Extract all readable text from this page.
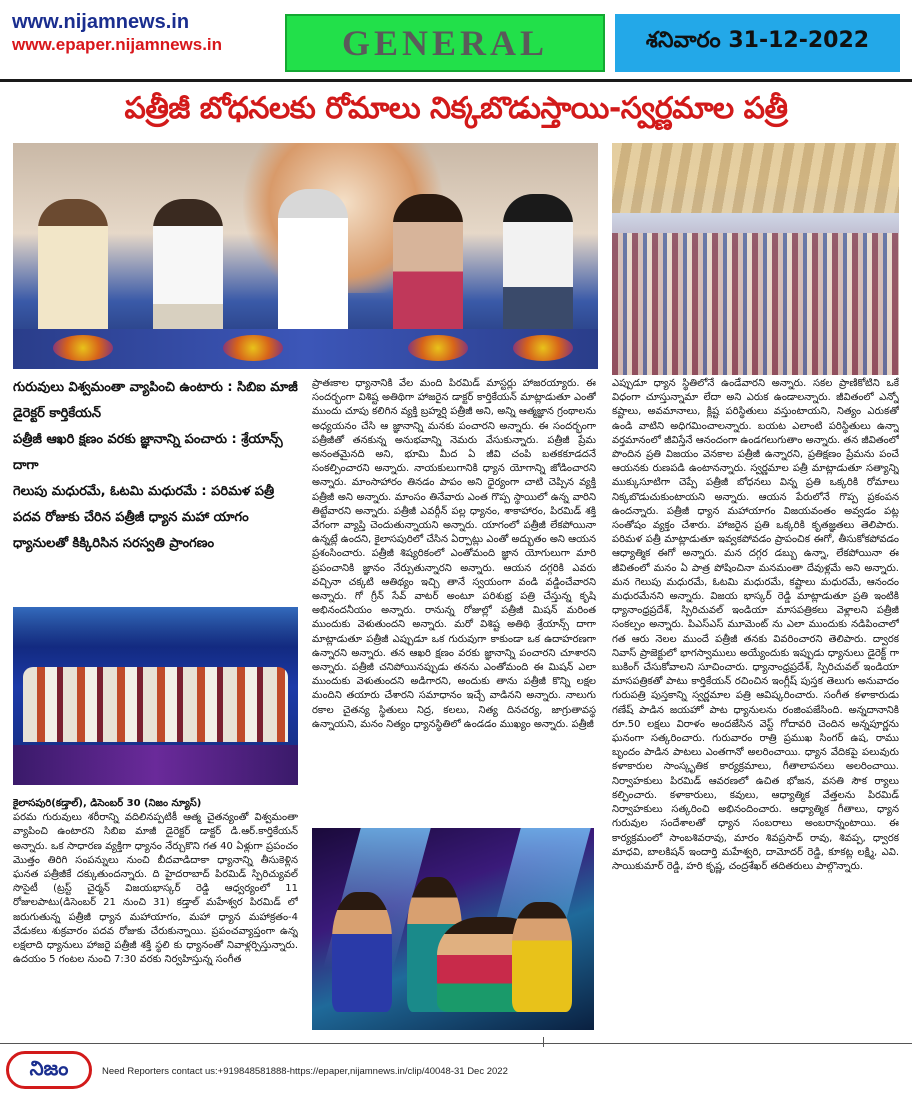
www.nijamnews.in
www.epaper.nijamnews.in	GENERAL	శనివారం 31-12-2022
పత్రీజీ బోధనలకు రోమాలు నిక్కబొడుస్తాయి-స్వర్ణమాల పత్రీ
గురువులు విశ్వమంతా వ్యాపించి ఉంటారు : సిబిఐ మాజీ డైరెక్టర్ కార్తికేయన్
పత్రీజీ ఆఖరి క్షణం వరకు జ్ఞానాన్ని పంచారు : శ్రేయాన్స్ దాగా
గెలుపు మధురమే, ఓటమి మధురమే : పరిమళ పత్రీ
పదవ రోజుకు చేరిన పత్రీజీ ధ్యాన మహా యాగం
ధ్యానులతో కిక్కిరిసిన సరస్వతి ప్రాంగణం
కైలాసపురి(కడ్తాల్), డిసెంబర్ 30 (నిజం న్యూస్)
పరమ గురువులు శరీరాన్ని వదిలినప్పటికీ ఆత్మ చైతన్యంతో విశ్వమంతా వ్యాపించి ఉంటారని సిబిఐ మాజీ డైరెక్టర్ డాక్టర్ డి.ఆర్.కార్తికేయన్ అన్నారు. ఒక సాధారణ వ్యక్తిగా ధ్యానం నేర్చుకొని గత 40 ఏళ్లుగా ప్రపంచం మొత్తం తిరిగి సంపన్నులు నుంచి బీదవాడిదాకా ధ్యానాన్ని తీసుకెళ్లిన ఘనత పత్రీజీకే దక్కుతుందన్నారు. ది హైదరాబాద్ పిరమిడ్ స్పిరిచ్యువల్ సొసైటీ (ట్రస్ట్ చైర్మన్ విజయభాస్కర్ రెడ్డి ఆధ్వర్యంలో 11 రోజులపాటు(డిసెంబర్ 21 నుంచి 31) కడ్తాల్ మహేశ్వర పిరమిడ్ లో జరుగుతున్న పత్రీజీ ధ్యాన మహాయాగం, మహా ధ్యాన మహాక్రతం-4 వేడుకలు శుక్రవారం పదవ రోజుకు చేరుకున్నాయి. ప్రపంచవ్యాప్తంగా ఉన్న లక్షలాది ధ్యానులు హాజరై పత్రీజీ శక్తి స్థలి కు ధ్యానంతో నివాళ్లర్పిస్తున్నారు. ఉదయం 5 గంటల నుంచి 7:30 వరకు నిర్వహిస్తున్న సంగీత
ప్రాతఃకాల ధ్యానానికి వేల మంది పిరమిడ్ మాస్టర్లు హాజరయ్యారు. ఈ సందర్భంగా విశిష్ట అతిథిగా హాజరైన డాక్టర్ కార్తికేయన్ మాట్లాడుతూ ఎంతో ముందు చూపు కలిగిన వ్యక్తి బ్రహ్మర్షి పత్రీజీ అని, అన్ని ఆత్మజ్ఞాన గ్రంథాలను అధ్యయనం చేసి ఆ జ్ఞానాన్ని మనకు పంచారని అన్నారు. ఈ సందర్భంగా పత్రీజీతో తనకున్న అనుభవాన్ని నెమరు వేసుకున్నారు. పత్రీజీ ప్రేమ అనంతమైనది అని, భూమి మీద ఏ జీవి చంపి బతకకూడదనే సంకల్పించారని అన్నారు. నాయకులుగానికి ధ్యాన యోగాన్ని జోడించారని అన్నారు. మాంసాహారం తినడం పాపం అని ధైర్యంగా చాటి చెప్పిన వ్యక్తి పత్రీజీ అని అన్నారు. మాంసం తినేవారు ఎంత గొప్ప స్థాయిలో ఉన్న వారిని తిట్టేవారని అన్నారు. పత్రీజీ ఎవర్గీన్ పల్ల ధ్యానం, శాకాహారం, పిరమిడ్ శక్తి వేగంగా వ్యాప్తి చెందుతున్నాయని అన్నారు. యాగంలో పత్రీజీ లేకపోయినా ఉన్నట్లే ఉందని, కైలాసపురిలో చేసిన ఏర్పాట్లు ఎంతో అద్భుతం అని ఆయన ప్రశంసించారు. పత్రీజీ శిష్యరికంలో ఎంతోమంది జ్ఞాన యోగులుగా మారి ప్రపంచానికి జ్ఞానం నేర్పుతున్నారని అన్నారు. ఆయన దగ్గరికి ఎవరు వచ్చినా చక్కటి ఆతిథ్యం ఇచ్చి తానే స్వయంగా వండి వడ్డించేవారని అన్నారు. గో గ్రీన్ సేవ్ వాటర్ అంటూ పరిశుభ్ర పత్రి చేస్తున్న కృషి అభినందనీయం అన్నారు. రానున్న రోజుల్లో పత్రీజీ మిషన్ మరింత ముందుకు వెళుతుందని అన్నారు. మరో విశిష్ట అతిథి శ్రేయాన్స్ దాగా మాట్లాడుతూ పత్రీజీ ఎప్పుడూ ఒక గురువుగా కాకుండా ఒక ఉదాహరణగా ఉన్నారని అన్నారు. తన ఆఖరి క్షణం వరకు జ్ఞానాన్ని పంచారని చూశారని అన్నారు. పత్రీజీ చనిపోయినప్పుడు తనను ఎంతోమంది ఈ మిషన్ ఎలా ముందుకు వెళుతుందని అడిగారని, అందుకు తాను పత్రీజీ కొన్ని లక్షల మందిని తయారు చేశారని సమాధానం ఇచ్చే వాడినని అన్నారు. నాలుగు రకాల చైతన్య స్థితులు నిద్ర, కలలు, నిత్య దినచర్య, జాగ్రుతావస్థ ఉన్నాయని, మనం నిత్యం ధ్యానస్థితిలో ఉండడం ముఖ్యం అన్నారు. పత్రీజీ
ఎప్పుడూ ధ్యాన స్థితిలోనే ఉండేవారని అన్నారు. సకల ప్రాణికోటిని ఒకే విధంగా చూస్తున్నామా లేదా అని ఎరుక ఉండాలన్నారు. జీవితంలో ఎన్నో కష్టాలు, అవమానాలు, క్లిష్ట పరిస్థితులు వస్తుంటాయని, నిత్యం ఎరుకతో ఉండి వాటిని అధిగమించాలన్నారు. బయట ఎలాంటి పరిస్థితులు ఉన్నా వర్తమానంలో జీవిస్తేనే ఆనందంగా ఉండగలుగుతాం అన్నారు. తన జీవితంలో పొందిన ప్రతి విజయం వెనకాల పత్రీజీ ఉన్నారని, ప్రతిక్షణం ప్రేమను పంచే ఆయనకు రుణపడి ఉంటానన్నారు. స్వర్ణమాల పత్రీ మాట్లాడుతూ సత్యాన్ని ముక్కుసూటిగా చెప్పే పత్రీజీ బోధనలు విన్న ప్రతి ఒక్కరికి రోమాలు నిక్కబొడుచుకుంటాయని అన్నారు. ఆయన పేరులోనే గొప్ప ప్రకంపన ఉందన్నారు. పత్రీజీ ధ్యాన మహాయాగం విజయవంతం అవ్వడం పట్ల సంతోషం వ్యక్తం చేశారు. హాజరైన ప్రతి ఒక్కరికి కృతజ్ఞతలు తెలిపారు. పరిమళ పత్రీ మాట్లాడుతూ ఇవ్వకపోవడం ప్రాపంచిక ఈగో, తీసుకోకపోవడం ఆధ్యాత్మిక ఈగో అన్నారు. మన దగ్గర డబ్బు ఉన్నా, లేకపోయినా ఈ జీవితంలో మనం ఏ పాత్ర పోషించినా మనమంతా దేవుళ్లమే అని అన్నారు. మన గెలుపు మధురమే, ఓటమి మధురమే, కష్టాలు మధురమే, ఆనందం మధురమేనని అన్నారు. విజయ భాస్కర్ రెడ్డి మాట్లాడుతూ ప్రతి ఇంటికి ధ్యానాంధ్రప్రదేశ్, స్పిరిచువల్ ఇండియా మాసపత్రికలు వెళ్లాలని పత్రీజీ సంకల్పం అన్నారు. పిఎస్ఎస్ మూమెంట్ ను ఎలా ముందుకు నడిపించాలో గత ఆరు నెలల ముందే పత్రీజీ తనకు వివరించారని తెలిపారు. ద్వారక నివాస్ ప్రాజెక్టులో భాగస్వాములు అయ్యేందుకు ఇప్పుడు ధ్యానులు డైరెక్ట్ గా బుకింగ్ చేసుకోవాలని సూచించారు. ధ్యానాంధ్రప్రదేశ్, స్పిరిచువల్ ఇండియా మాసపత్రికతో పాటు కార్తికేయన్ రచించిన ఇంగ్లీష్ పుస్తక తెలుగు అనువాదం గురుపత్రి పుస్తకాన్ని స్వర్ణమాల పత్రి ఆవిష్కరించారు. సంగీత కళాకారుడు గణేష్ పాడిన జయహో పాట ధ్యానులను రంజింపజేసింది. అన్నదానానికి రూ.50 లక్షలు విరాళం అందజేసిన వెస్ట్ గోదావరి చెందిన అన్నపూర్ణను ఘనంగా సత్కరించారు. గురువారం రాత్రి ప్రముఖ సింగర్ ఉష, రాము బృందం పాడిన పాటలు ఎంతగానో అలరించాయి. ధ్యాన వేదికపై పలువురు కళాకారుల సాంస్కృతిక కార్యక్రమాలు, గీతాలాపనలు అలరించాయి. నిర్వాహకులు పిరమిడ్ ఆవరణలో ఉచిత భోజన, వసతి సౌక ర్యాలు కల్పించారు. కళాకారులు, కవులు, ఆధ్యాత్మిక వేత్తలను పిరమిడ్ నిర్వాహకులు సత్కరించి అభినందించారు. ఆధ్యాత్మిక గీతాలు, ధ్యాన గురువుల సందేశాలతో ధ్యాన సంబరాలు అంబరాన్నంటాయి. ఈ కార్యక్రమంలో సాంబశివరావు, మారం శివప్రసాద్ రావు, శివప్ప, ధ్వారక మాధవి, బాలకిషన్ ఇందార్తి మహేశ్వరి, దామోదర్ రెడ్డి, కూకట్ల లక్ష్మి, ఎవి. సాయికుమార్ రెడ్డి, హరి కృష్ణ, చంద్రశేఖర్ తదితరులు పాల్గొన్నారు.
నిజం	Need Reporters contact us:+919848581888-https://epaper,nijamnews.in/clip/40048-31 Dec 2022
